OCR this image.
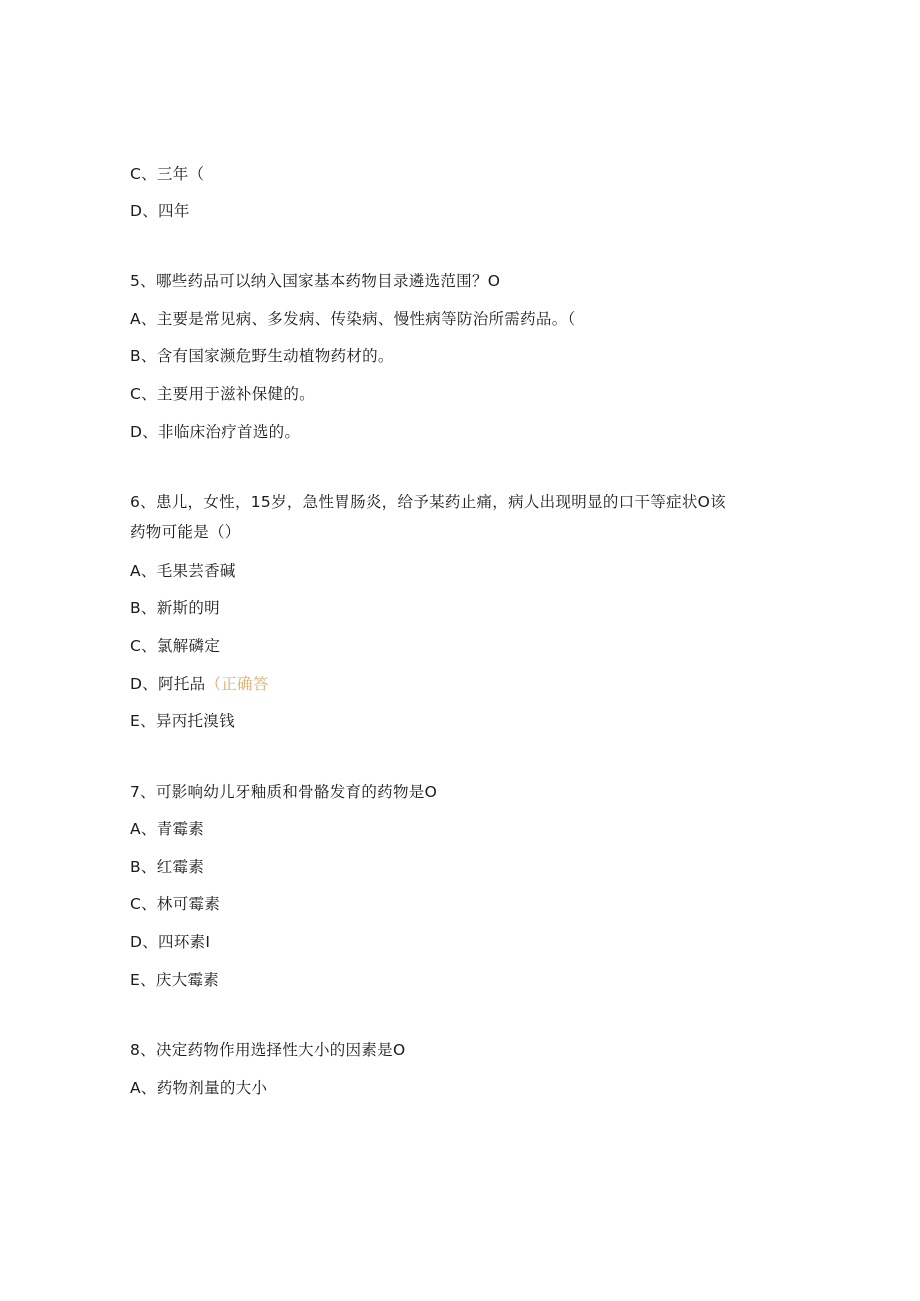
C、三年（
D、四年
5、哪些药品可以纳入国家基本药物目录遴选范围？O
A、主要是常见病、多发病、传染病、慢性病等防治所需药品。（
B、含有国家濒危野生动植物药材的。
C、主要用于滋补保健的。
D、非临床治疗首选的。
6、患儿，女性，15岁，急性胃肠炎，给予某药止痛，病人出现明显的口干等症状O该
药物可能是（）
A、毛果芸香碱
B、新斯的明
C、氯解磷定
D、阿托品（正确答
E、异丙托溴钱
7、可影响幼儿牙釉质和骨骼发育的药物是O
A、青霉素
B、红霉素
C、林可霉素
D、四环素I
E、庆大霉素
8、决定药物作用选择性大小的因素是O
A、药物剂量的大小
